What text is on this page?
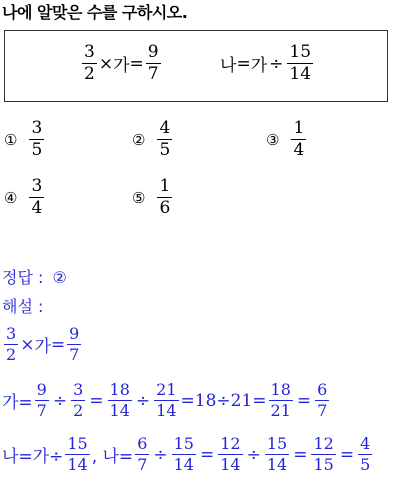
나에 알맞은 수를 구하시오.
$\frac{3}{2}$ × 가 = $\frac{9}{7}$	나 = 가 ÷ $\frac{15}{14}$
① $\frac{3}{5}$	② $\frac{4}{5}$	③ $\frac{1}{4}$
④ $\frac{3}{4}$	⑤ $\frac{1}{6}$
정답 : ②
해설 :
$\frac{3}{2}$ × 가 = $\frac{9}{7}$
가= $\frac{9}{7} \div \frac{3}{2} = \frac{18}{14} \div \frac{21}{14} =18\div 21= \frac{18}{21} = \frac{6}{7}$
나=가÷ $\frac{15}{14}$ , 나= $\frac{6}{7} \div \frac{15}{14} = \frac{12}{14} \div \frac{15}{14} = \frac{12}{15} = \frac{4}{5}$
